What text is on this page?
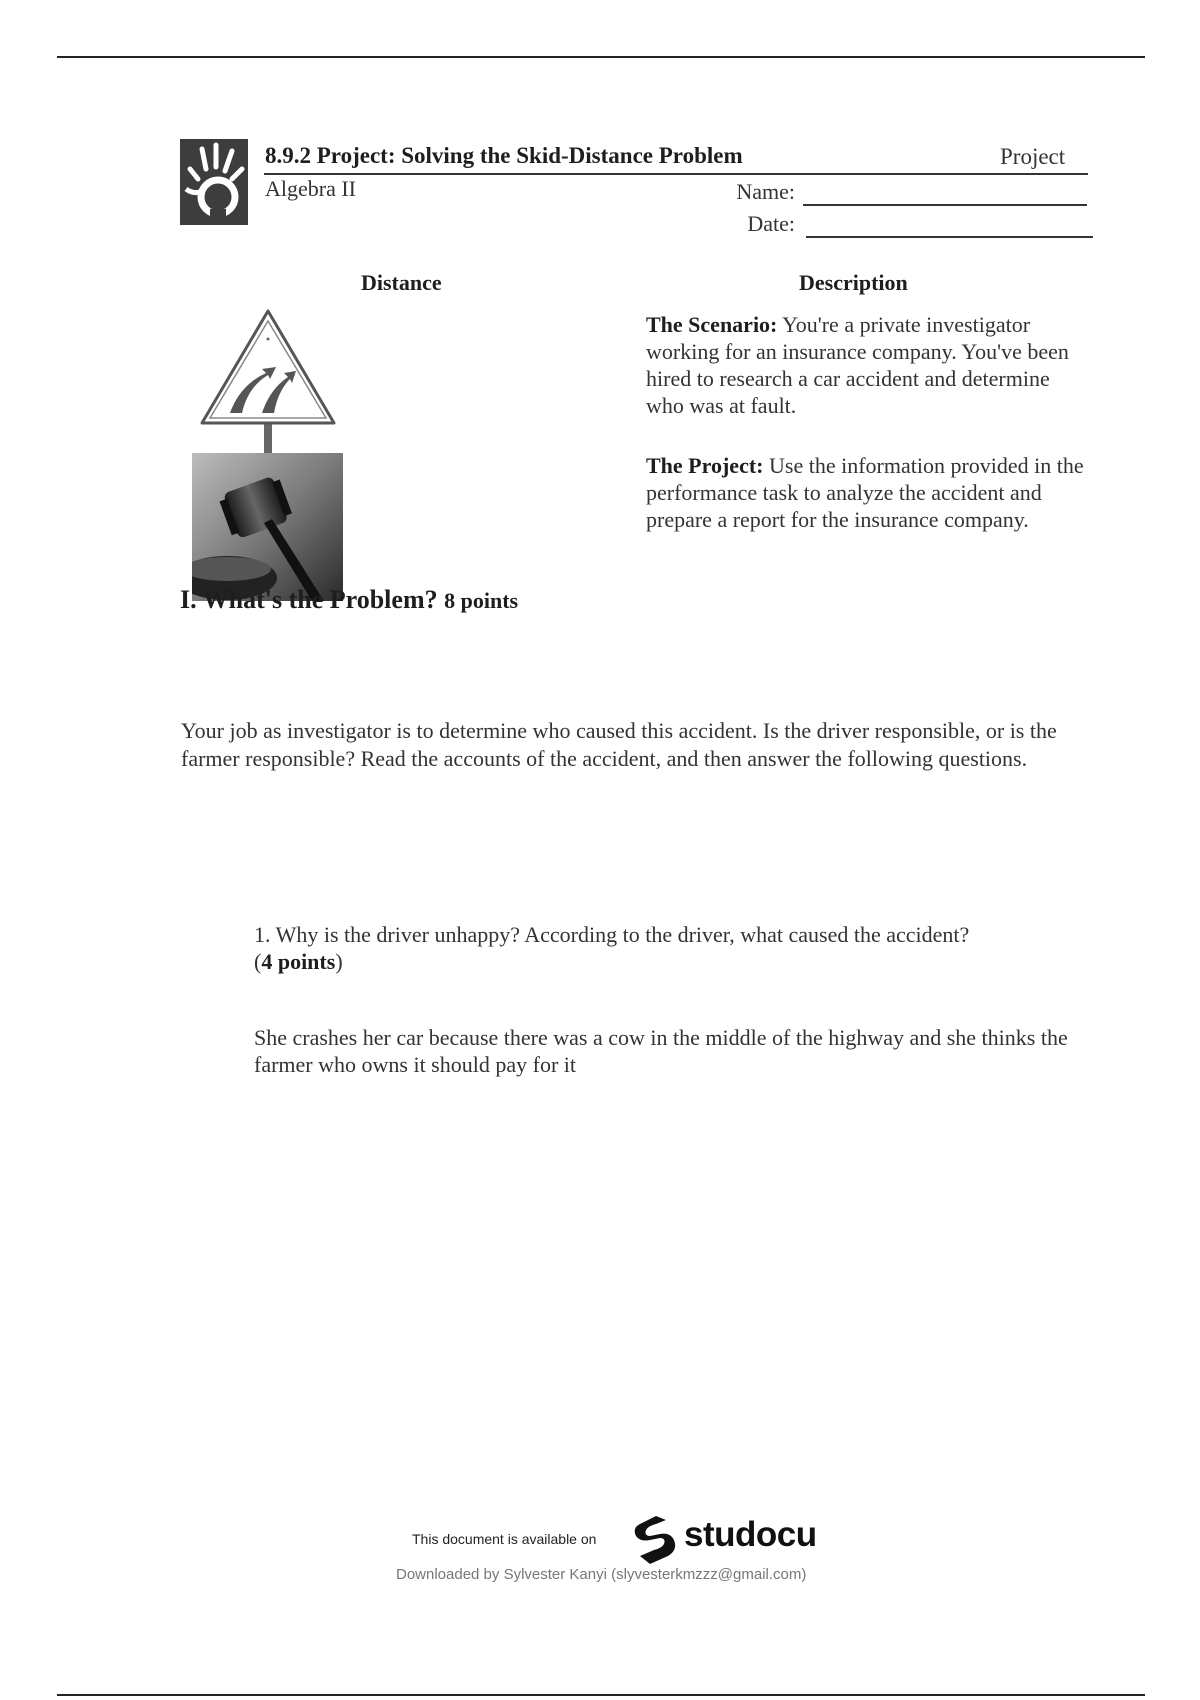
8.9.2 Project: Solving the Skid-Distance Problem	Project
Algebra II	Name:
Date:
Distance	Description
The Scenario: You're a private investigator working for an insurance company. You've been hired to research a car accident and determine who was at fault.
The Project: Use the information provided in the performance task to analyze the accident and prepare a report for the insurance company.
I. What's the Problem? 8 points
Your job as investigator is to determine who caused this accident. Is the driver responsible, or is the farmer responsible? Read the accounts of the accident, and then answer the following questions.
1. Why is the driver unhappy? According to the driver, what caused the accident? (4 points)
She crashes her car because there was a cow in the middle of the highway and she thinks the farmer who owns it should pay for it
This document is available on	studocu
Downloaded by Sylvester Kanyi (slyvesterkmzzz@gmail.com)
